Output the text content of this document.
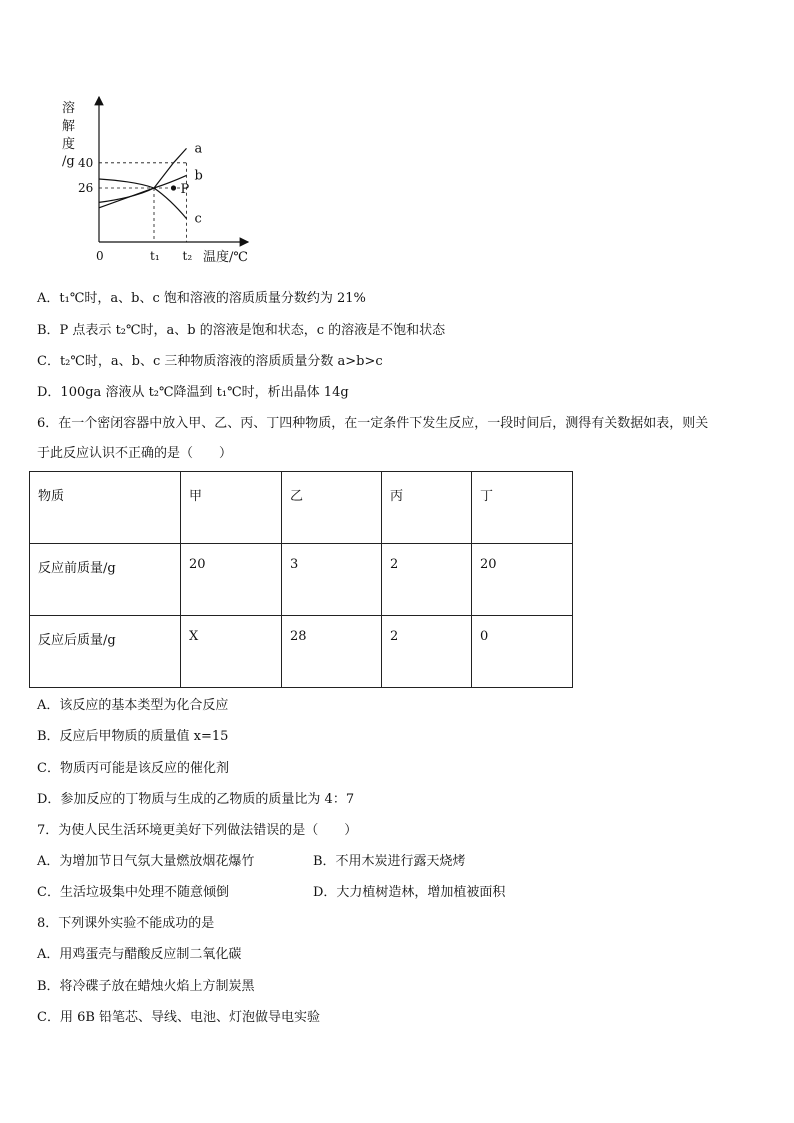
溶
解
度
/g
0
40
26
t₁ t₂
a
b
c
P
温度/℃
A．t₁℃时，a、b、c 饱和溶液的溶质质量分数约为 21%
B．P 点表示 t₂℃时，a、b 的溶液是饱和状态，c 的溶液是不饱和状态
C．t₂℃时，a、b、c 三种物质溶液的溶质质量分数 a>b>c
D．100ga 溶液从 t₂℃降温到 t₁℃时，析出晶体 14g
6．在一个密闭容器中放入甲、乙、丙、丁四种物质，在一定条件下发生反应，一段时间后，测得有关数据如表，则关
于此反应认识不正确的是（　　）
物质	甲	乙	丙	丁
反应前质量/g	20	3	2	20
反应后质量/g	X	28	2	0
A．该反应的基本类型为化合反应
B．反应后甲物质的质量值 x=15
C．物质丙可能是该反应的催化剂
D．参加反应的丁物质与生成的乙物质的质量比为 4：7
7．为使人民生活环境更美好下列做法错误的是（　　）
A．为增加节日气氛大量燃放烟花爆竹	B．不用木炭进行露天烧烤
C．生活垃圾集中处理不随意倾倒	D．大力植树造林，增加植被面积
8．下列课外实验不能成功的是
A．用鸡蛋壳与醋酸反应制二氧化碳
B．将冷碟子放在蜡烛火焰上方制炭黑
C．用 6B 铅笔芯、导线、电池、灯泡做导电实验
